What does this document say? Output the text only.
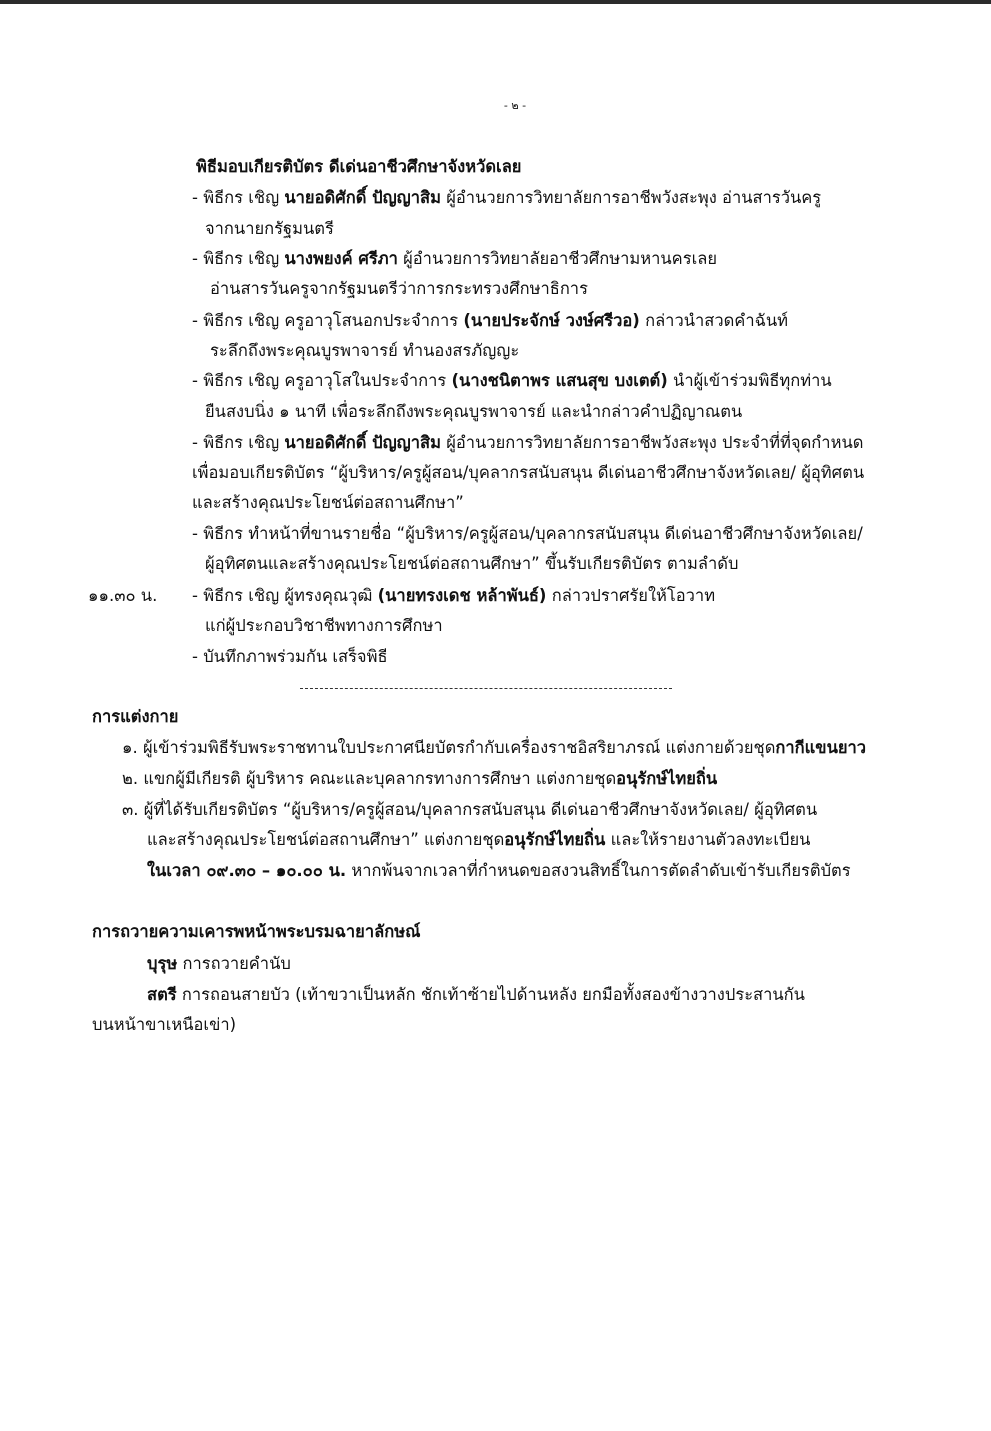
- ๒ -
พิธีมอบเกียรติบัตร ดีเด่นอาชีวศึกษาจังหวัดเลย
- พิธีกร เชิญ นายอดิศักดิ์ ปัญญาสิม ผู้อำนวยการวิทยาลัยการอาชีพวังสะพุง อ่านสารวันครู
จากนายกรัฐมนตรี
- พิธีกร เชิญ นางพยงค์ ศรีภา ผู้อำนวยการวิทยาลัยอาชีวศึกษามหานครเลย
อ่านสารวันครูจากรัฐมนตรีว่าการกระทรวงศึกษาธิการ
- พิธีกร เชิญ ครูอาวุโสนอกประจำการ (นายประจักษ์ วงษ์ศรีวอ) กล่าวนำสวดคำฉันท์
ระลึกถึงพระคุณบูรพาจารย์ ทำนองสรภัญญะ
- พิธีกร เชิญ ครูอาวุโสในประจำการ (นางชนิตาพร แสนสุข บงเตต์) นำผู้เข้าร่วมพิธีทุกท่าน
ยืนสงบนิ่ง ๑ นาที เพื่อระลึกถึงพระคุณบูรพาจารย์ และนำกล่าวคำปฏิญาณตน
- พิธีกร เชิญ นายอดิศักดิ์ ปัญญาสิม ผู้อำนวยการวิทยาลัยการอาชีพวังสะพุง ประจำที่ที่จุดกำหนด
เพื่อมอบเกียรติบัตร “ผู้บริหาร/ครูผู้สอน/บุคลากรสนับสนุน ดีเด่นอาชีวศึกษาจังหวัดเลย/ ผู้อุทิศตน
และสร้างคุณประโยชน์ต่อสถานศึกษา”
- พิธีกร ทำหน้าที่ขานรายชื่อ “ผู้บริหาร/ครูผู้สอน/บุคลากรสนับสนุน ดีเด่นอาชีวศึกษาจังหวัดเลย/
ผู้อุทิศตนและสร้างคุณประโยชน์ต่อสถานศึกษา” ขึ้นรับเกียรติบัตร ตามลำดับ
๑๑.๓๐ น. - พิธีกร เชิญ ผู้ทรงคุณวุฒิ (นายทรงเดช หล้าพันธ์) กล่าวปราศรัยให้โอวาท
แก่ผู้ประกอบวิชาชีพทางการศึกษา
- บันทึกภาพร่วมกัน เสร็จพิธี
การแต่งกาย
๑. ผู้เข้าร่วมพิธีรับพระราชทานใบประกาศนียบัตรกำกับเครื่องราชอิสริยาภรณ์ แต่งกายด้วยชุดกากีแขนยาว
๒. แขกผู้มีเกียรติ ผู้บริหาร คณะและบุคลากรทางการศึกษา แต่งกายชุดอนุรักษ์ไทยถิ่น
๓. ผู้ที่ได้รับเกียรติบัตร “ผู้บริหาร/ครูผู้สอน/บุคลากรสนับสนุน ดีเด่นอาชีวศึกษาจังหวัดเลย/ ผู้อุทิศตน
และสร้างคุณประโยชน์ต่อสถานศึกษา” แต่งกายชุดอนุรักษ์ไทยถิ่น และให้รายงานตัวลงทะเบียน
ในเวลา ๐๙.๓๐ – ๑๐.๐๐ น. หากพ้นจากเวลาที่กำหนดขอสงวนสิทธิ์ในการตัดลำดับเข้ารับเกียรติบัตร
การถวายความเคารพหน้าพระบรมฉายาลักษณ์
บุรุษ การถวายคำนับ
สตรี การถอนสายบัว (เท้าขวาเป็นหลัก ชักเท้าซ้ายไปด้านหลัง ยกมือทั้งสองข้างวางประสานกัน
บนหน้าขาเหนือเข่า)
